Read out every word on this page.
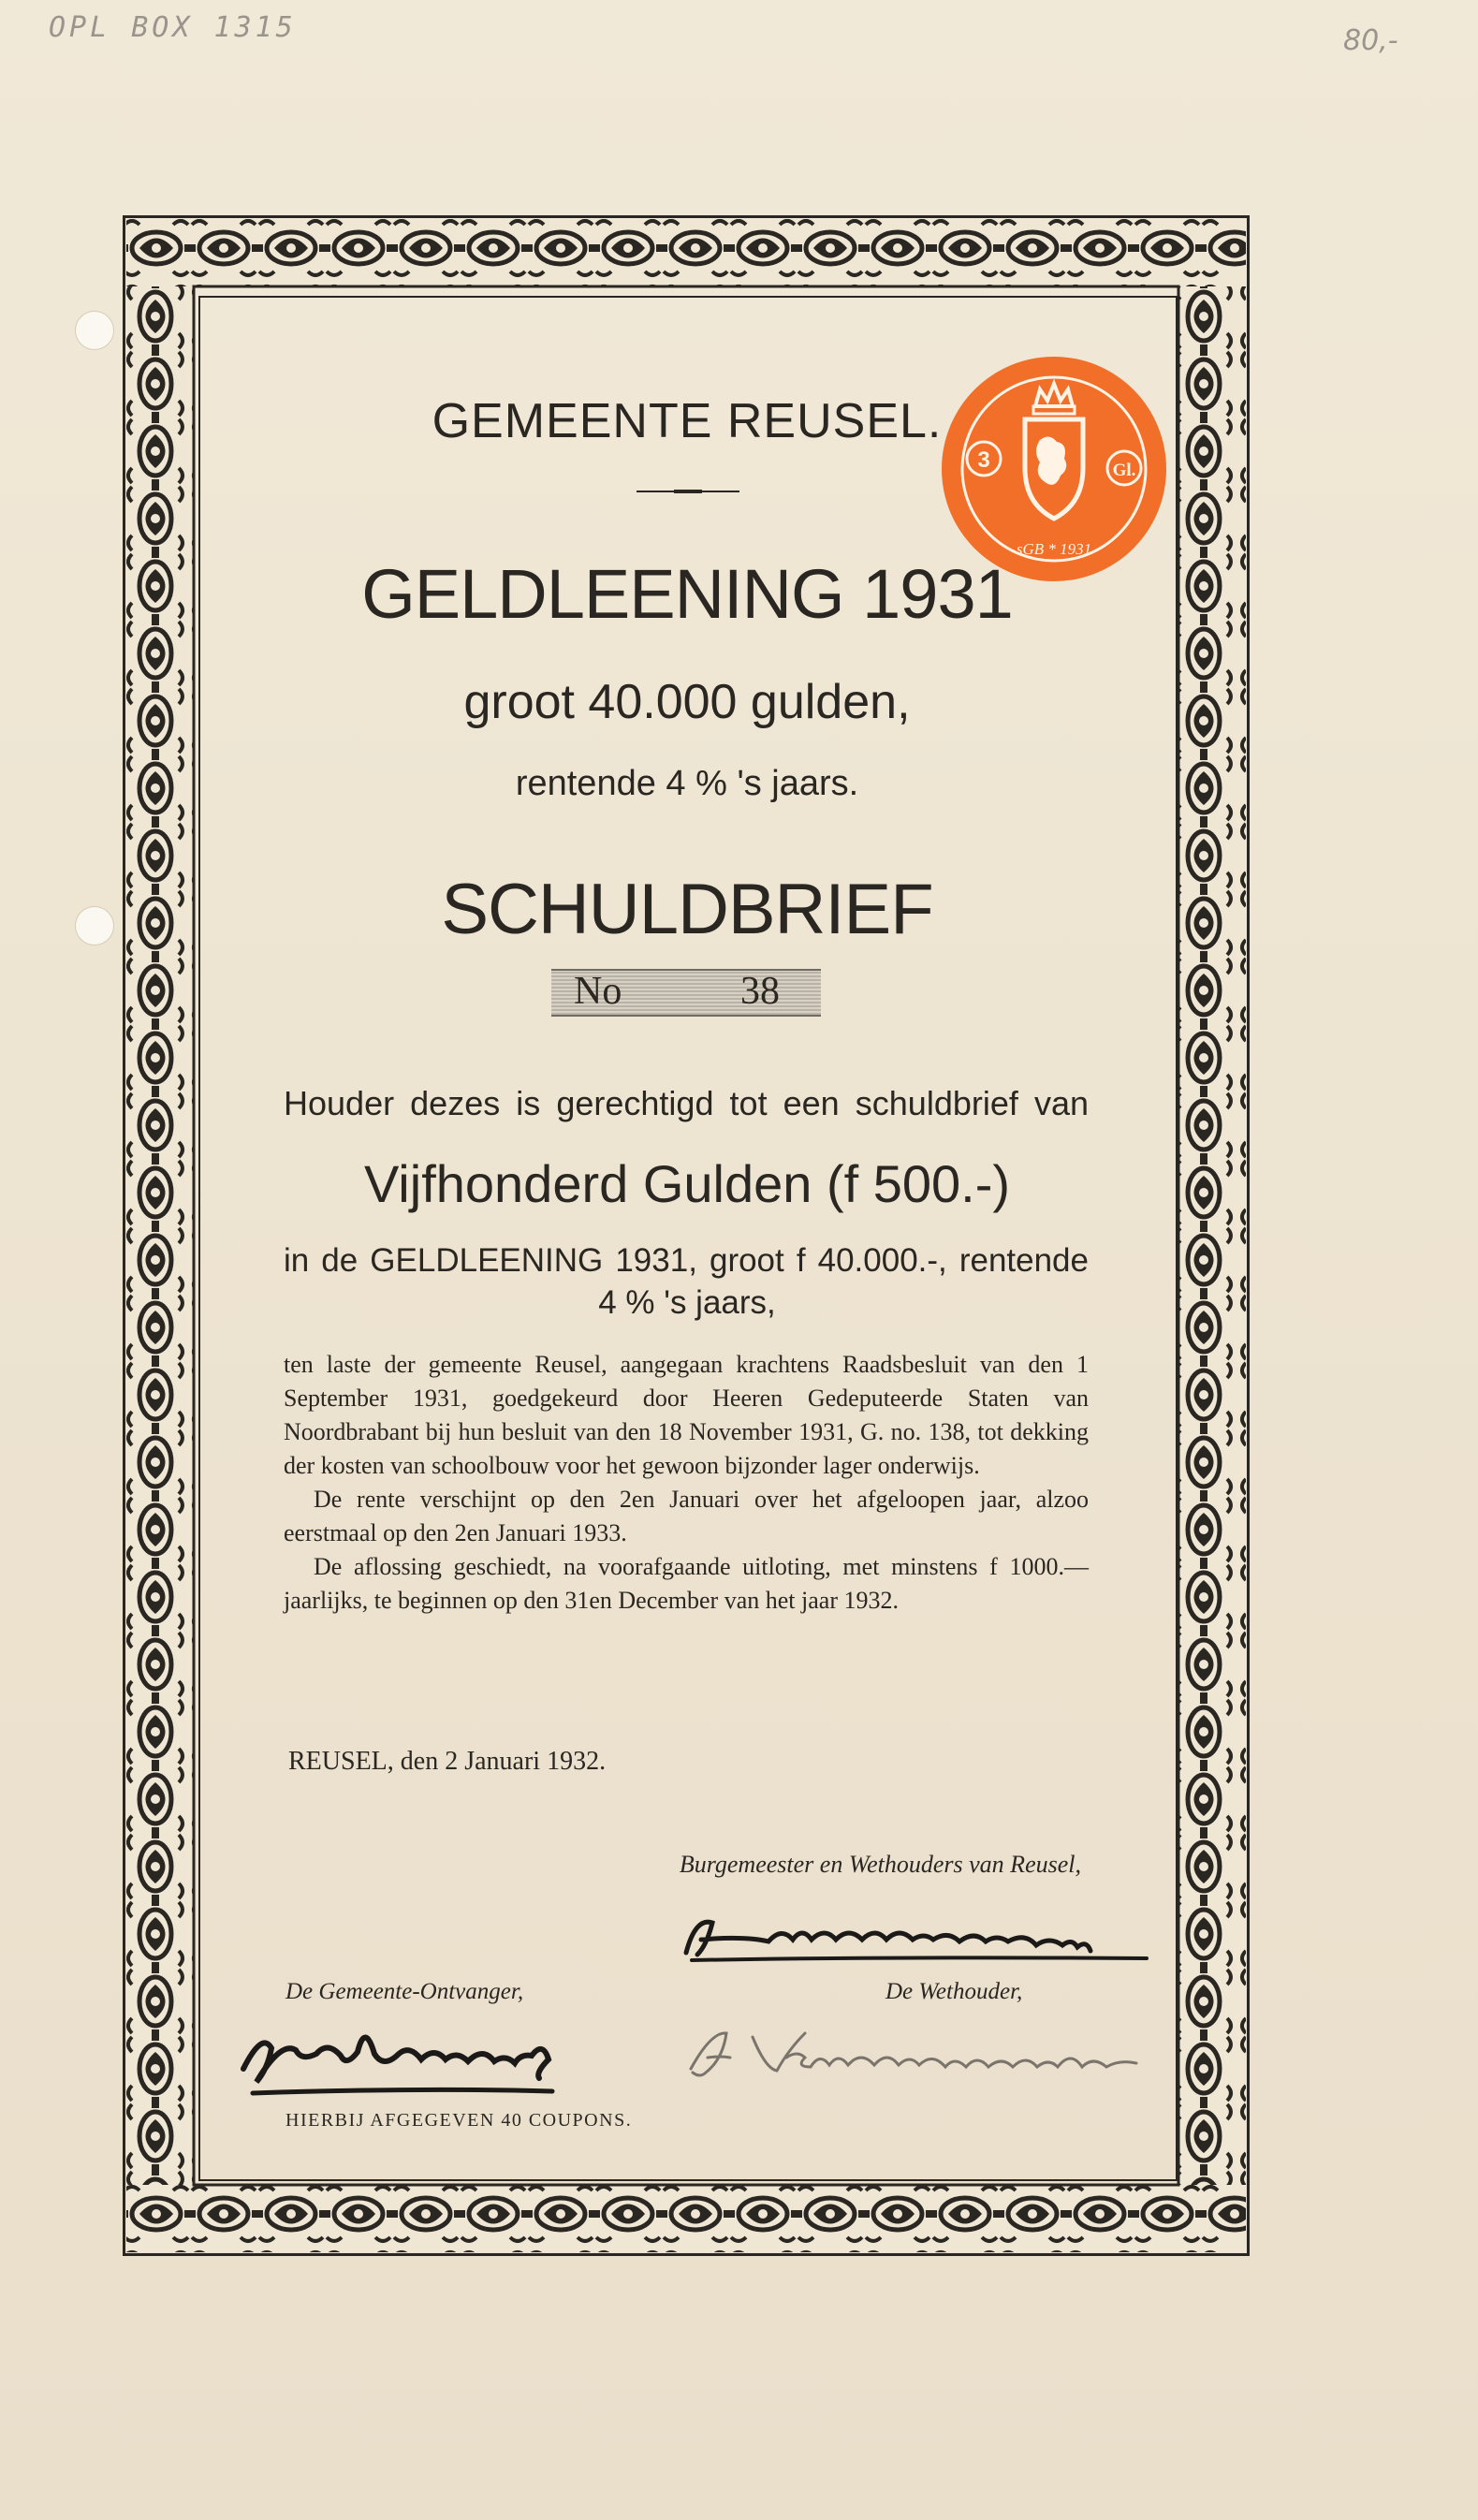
OPL BOX 1315	80,-
3	Gl.
sGB * 1931
GEMEENTE REUSEL.
GELDLEENING 1931
groot 40.000 gulden,
rentende 4 % 's jaars.
SCHULDBRIEF
No	38
Houder dezes is gerechtigd tot een schuldbrief van
Vijfhonderd Gulden (f 500.-)
in de GELDLEENING 1931, groot f 40.000.-, rentende
4 % 's jaars,

ten laste der gemeente Reusel, aangegaan krachtens Raadsbesluit van den 1 September 1931, goedgekeurd door Heeren Gedeputeerde Staten van Noordbrabant bij hun besluit van den 18 November 1931, G. no. 138, tot dekking der kosten van schoolbouw voor het gewoon bijzonder lager onderwijs.

De rente verschijnt op den 2en Januari over het afgeloopen jaar, alzoo eerstmaal op den 2en Januari 1933.

De aflossing geschiedt, na voorafgaande uitloting, met minstens f 1000.— jaarlijks, te beginnen op den 31en December van het jaar 1932.

REUSEL, den 2 Januari 1932.
Burgemeester en Wethouders van Reusel,
De Gemeente-Ontvanger,	De Wethouder,
HIERBIJ AFGEGEVEN 40 COUPONS.
